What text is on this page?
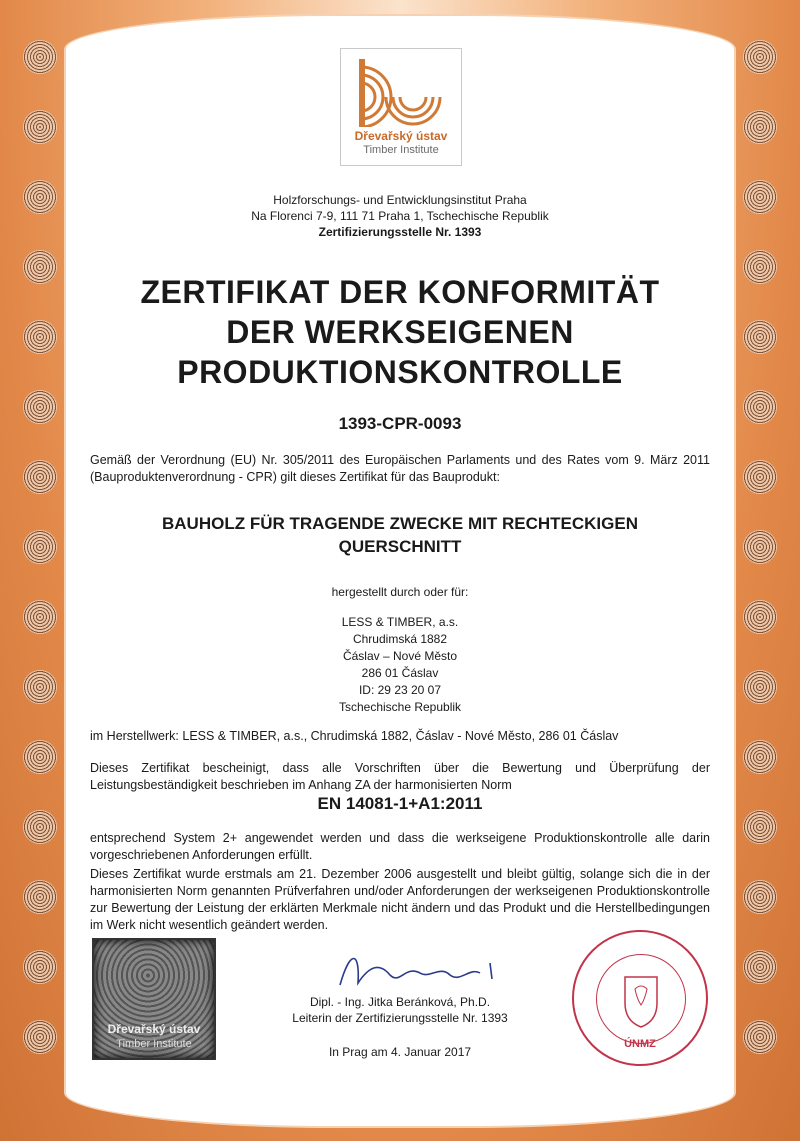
Dřevařský ústav
Timber Institute
Holzforschungs- und Entwicklungsinstitut Praha
Na Florenci 7-9, 111 71 Praha 1, Tschechische Republik
Zertifizierungsstelle Nr. 1393
ZERTIFIKAT DER KONFORMITÄT
DER WERKSEIGENEN
PRODUKTIONSKONTROLLE
1393-CPR-0093
Gemäß der Verordnung (EU) Nr. 305/2011 des Europäischen Parlaments und des Rates vom 9. März 2011 (Bauproduktenverordnung - CPR) gilt dieses Zertifikat für das Bauprodukt:
BAUHOLZ FÜR TRAGENDE ZWECKE MIT RECHTECKIGEN
QUERSCHNITT
hergestellt durch oder für:
LESS & TIMBER, a.s.
Chrudimská 1882
Čáslav – Nové Město
286 01 Čáslav
ID: 29 23 20 07
Tschechische Republik
im Herstellwerk: LESS & TIMBER, a.s., Chrudimská 1882, Čáslav - Nové Město, 286 01 Čáslav
Dieses Zertifikat bescheinigt, dass alle Vorschriften über die Bewertung und Überprüfung der Leistungsbeständigkeit beschrieben im Anhang ZA der harmonisierten Norm
EN 14081-1+A1:2011
entsprechend System 2+ angewendet werden und dass die werkseigene Produktionskontrolle alle darin vorgeschriebenen Anforderungen erfüllt.
Dieses Zertifikat wurde erstmals am 21. Dezember 2006 ausgestellt und bleibt gültig, solange sich die in der harmonisierten Norm genannten Prüfverfahren und/oder Anforderungen der werkseigenen Produktionskontrolle zur Bewertung der Leistung der erklärten Merkmale nicht ändern und das Produkt und die Herstellbedingungen im Werk nicht wesentlich geändert werden.
Dřevařský ústav
Timber Institute
Dipl. - Ing. Jitka Beránková, Ph.D.
Leiterin der Zertifizierungsstelle Nr. 1393
In Prag am 4. Januar 2017
ÚNMZ
